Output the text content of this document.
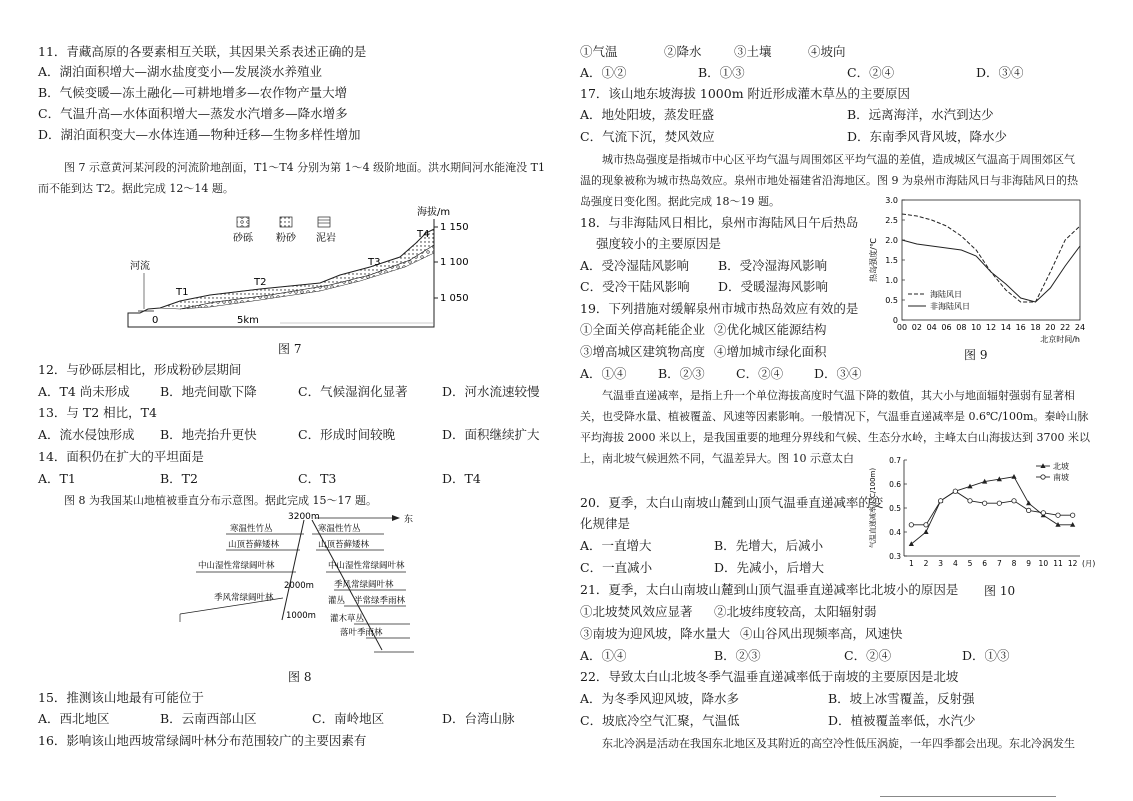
11．青藏高原的各要素相互关联，其因果关系表述正确的是
A．湖泊面积增大—湖水盐度变小—发展淡水养殖业
B．气候变暖—冻土融化—可耕地增多—农作物产量大增
C．气温升高—水体面积增大—蒸发水汽增多—降水增多
D．湖泊面积变大—水体连通—物种迁移—生物多样性增加
图 7 示意黄河某河段的河流阶地剖面，T1～T4 分别为第 1～4 级阶地面。洪水期间河水能淹没 T1
而不能到达 T2。据此完成 12～14 题。
砂砾 粉砂 泥岩
海拔/m
1 150
1 100
1 050
河流
T1
T2
T3
T4
0	5km
图 7
12．与砂砾层相比，形成粉砂层期间
A．T4 尚未形成 B．地壳间歇下降	C．气候湿润化显著	D．河水流速较慢
13．与 T2 相比，T4
A．流水侵蚀形成 B．地壳抬升更快	C．形成时间较晚	D．面积继续扩大
14．面积仍在扩大的平坦面是
A．T1	B．T2	C．T3	D．T4
图 8 为我国某山地植被垂直分布示意图。据此完成 15～17 题。
3200m	东
寒温性竹丛
山顶苔藓矮林
中山湿性常绿阔叶林
季风常绿阔叶林
2000m
寒温性竹丛
山顶苔藓矮林
中山湿性常绿阔叶林
季风常绿阔叶林
灌丛 半常绿季雨林
灌木草丛
落叶季雨林
1000m
图 8
15．推测该山地最有可能位于
A．西北地区	B．云南西部山区	C．南岭地区	D．台湾山脉
16．影响该山地西坡常绿阔叶林分布范围较广的主要因素有
①气温	②降水	③土壤	④坡向
A．①②	B．①③	C．②④	D．③④
17．该山地东坡海拔 1000m 附近形成灌木草丛的主要原因
A．地处阳坡，蒸发旺盛	B．远离海洋，水汽到达少
C．气流下沉，焚风效应	D．东南季风背风坡，降水少
城市热岛强度是指城市中心区平均气温与周围郊区平均气温的差值，造成城区气温高于周围郊区气
温的现象被称为城市热岛效应。泉州市地处福建省沿海地区。图 9 为泉州市海陆风日与非海陆风日的热
岛强度日变化图。据此完成 18～19 题。
18．与非海陆风日相比，泉州市海陆风日午后热岛
强度较小的主要原因是
A．受冷湿陆风影响 B．受冷湿海风影响
C．受冷干陆风影响 D．受暖湿海风影响
19．下列措施对缓解泉州市城市热岛效应有效的是
①全面关停高耗能企业 ②优化城区能源结构
③增高城区建筑物高度 ④增加城市绿化面积
A．①④	B．②③	C．②④ D．③④
0
0.5
1.0
1.5
2.0
2.5
3.0
00 02 04 06 08 10 12 14 16 18 20 22 24
北京时间/h
热岛强度/℃
海陆风日
非海陆风日
图 9
气温垂直递减率，是指上升一个单位海拔高度时气温下降的数值，其大小与地面辐射强弱有显著相
关，也受降水量、植被覆盖、风速等因素影响。一般情况下，气温垂直递减率是 0.6℃/100m。秦岭山脉
平均海拔 2000 米以上，是我国重要的地理分界线和气候、生态分水岭，主峰太白山海拔达到 3700 米以
上，南北坡气候迥然不同，气温差异大。图 10 示意太白
20．夏季，太白山南坡山麓到山顶气温垂直递减率的变
化规律是
A．一直增大	B．先增大，后减小
C．一直减小	D．先减小，后增大
0.3
0.4
0.5
0.6
0.7
1 2 3 4 5 6 7 8 9 10 11 12 (月)
气温直递减率/(℃/100m)
北坡
南坡
图 10
21．夏季，太白山南坡山麓到山顶气温垂直递减率比北坡小的原因是
①北坡焚风效应显著 ②北坡纬度较高，太阳辐射弱
③南坡为迎风坡，降水量大 ④山谷风出现频率高，风速快
A．①④	B．②③	C．②④	D．①③
22．导致太白山北坡冬季气温垂直递减率低于南坡的主要原因是北坡
A．为冬季风迎风坡，降水多	B．坡上冰雪覆盖，反射强
C．坡底冷空气汇聚，气温低	D．植被覆盖率低，水汽少
东北冷涡是活动在我国东北地区及其附近的高空冷性低压涡旋，一年四季都会出现。东北冷涡发生
